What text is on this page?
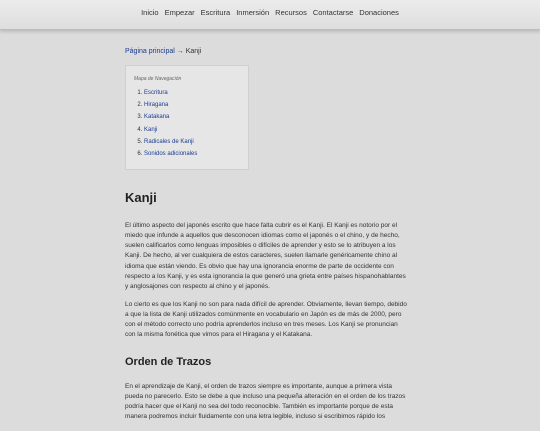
Inicio Empezar Escritura Inmersión Recursos Contactarse Donaciones
Página principal → Kanji
Mapa de Navegación
1. Escritura
2. Hiragana
3. Katakana
4. Kanji
5. Radicales de Kanji
6. Sonidos adicionales
Kanji

El último aspecto del japonés escrito que hace falta cubrir es el Kanji. El Kanji es notorio por el miedo que infunde a aquellos que desconocen idiomas como el japonés o el chino, y de hecho, suelen calificarlos como lenguas imposibles o difíciles de aprender y esto se lo atribuyen a los Kanji. De hecho, al ver cualquiera de estos caracteres, suelen llamarle genéricamente chino al idioma que están viendo. Es obvio que hay una ignorancia enorme de parte de occidente con respecto a los Kanji, y es esta ignorancia la que generó una grieta entre países hispanohablantes y anglosajones con respecto al chino y el japonés.

Lo cierto es que los Kanji no son para nada difícil de aprender. Obviamente, llevan tiempo, debido a que la lista de Kanji utilizados comúnmente en vocabulario en Japón es de más de 2000, pero con el método correcto uno podría aprenderlos incluso en tres meses. Los Kanji se pronuncian con la misma fonética que vimos para el Hiragana y el Katakana.

Orden de Trazos

En el aprendizaje de Kanji, el orden de trazos siempre es importante, aunque a primera vista pueda no parecerlo. Esto se debe a que incluso una pequeña alteración en el orden de los trazos podría hacer que el Kanji no sea del todo reconocible. También es importante porque de esta manera podremos incluir fluidamente con una letra legible, incluso si escribimos rápido los
